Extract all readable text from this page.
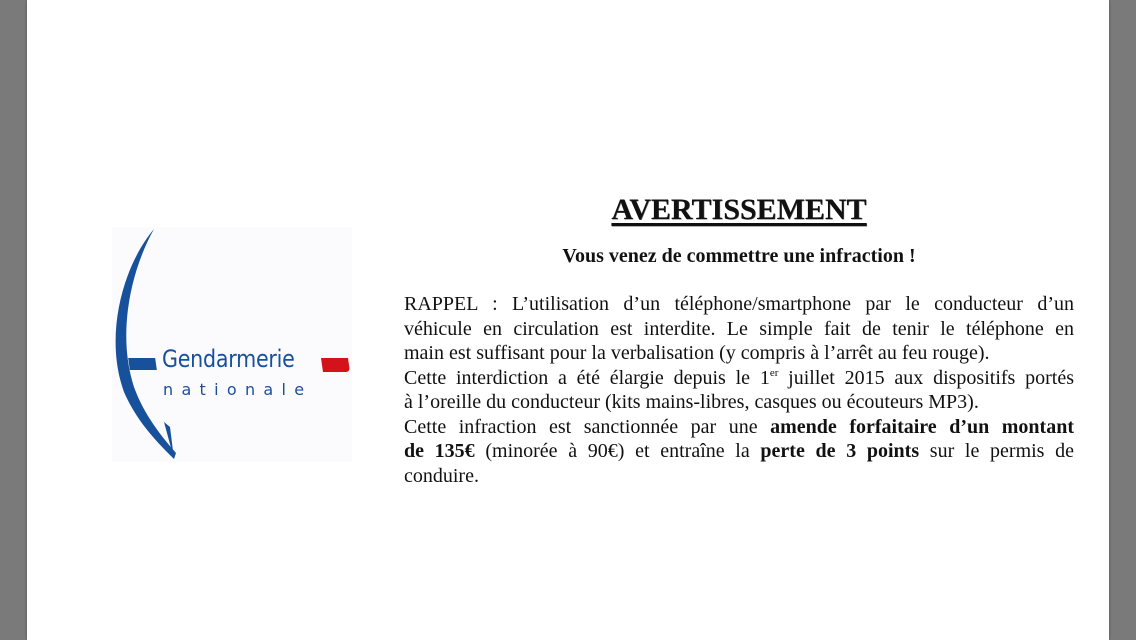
Gendarmerie
nationale
AVERTISSEMENT
Vous venez de commettre une infraction !
RAPPEL : L’utilisation d’un téléphone/smartphone par le conducteur d’un
véhicule en circulation est interdite. Le simple fait de tenir le téléphone en
main est suffisant pour la verbalisation (y compris à l’arrêt au feu rouge).
Cette interdiction a été élargie depuis le 1er juillet 2015 aux dispositifs portés
à l’oreille du conducteur (kits mains-libres, casques ou écouteurs MP3).
Cette infraction est sanctionnée par une amende forfaitaire d’un montant
de 135€ (minorée à 90€) et entraîne la perte de 3 points sur le permis de
conduire.
